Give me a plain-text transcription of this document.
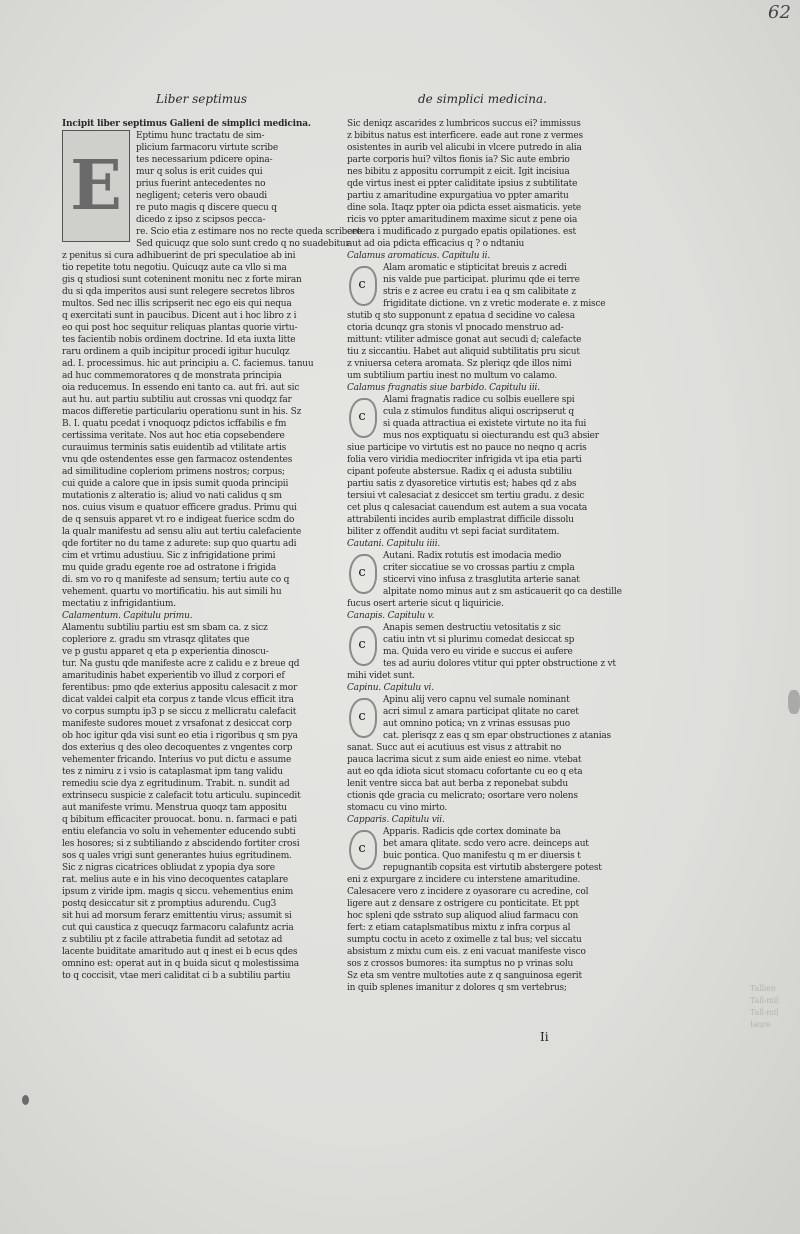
62
Liber septimus	de simplici medicina.
Incipit liber septimus Galieni de simplici medicina.
E
Eptimu hunc tractatu de sim-
plicium farmacoru virtute scribe
tes necessarium pdicere opina-
mur q solus is erit cuides qui
prius fuerint antecedentes no
negligent; ceteris vero obaudi
re puto magis q discere quecu q
dicedo z ipso z scipsos pecca-
re. Scio etia z estimare nos no recte queda scribere
Sed quicuqz que solo sunt credo q no suadebitur
z penitus si cura adhibuerint de pri speculatioe ab ini
tio repetite totu negotiu. Quicuqz aute ca vllo si ma
gis q studiosi sunt coteninent monitu nec z forte miran
du si qda imperitos ausi sunt relegere secretos libros
multos. Sed nec illis scripserit nec ego eis qui nequa
q exercitati sunt in paucibus. Dicent aut i hoc libro z i
eo qui post hoc sequitur reliquas plantas quorie virtu-
tes facientib nobis ordinem doctrine. Id eta iuxta litte
raru ordinem a quib incipitur procedi igitur huculqz
ad. I. processimus. hic aut principiu a. C. faciemus. tanuu
ad huc commemoratores q de monstrata principia
oia reducemus. In essendo eni tanto ca. aut fri. aut sic
aut hu. aut partiu subtiliu aut crossas vni quodqz far
macos differetie particulariu operationu sunt in his. Sz
B. I. quatu pcedat i vnoquoqz pdictos icffabilis e fm
certissima veritate. Nos aut hoc etia copsebendere
curauimus terminis satis euidentib ad vtilitate artis
vnu qde ostendentes esse gen farmacoz ostendentes
ad similitudine copleriom primens nostros; corpus;
cui quide a calore que in ipsis sumit quoda principii
mutationis z alteratio is; aliud vo nati calidus q sm
nos. cuius visum e quatuor efficere gradus. Primu qui
de q sensuis apparet vt ro e indigeat fuerice scdm do
la qualr manifestu ad sensu aliu aut tertiu calefaciente
qde fortiter no du tame z adurete: sup quo quartu adi
cim et vrtimu adustiuu. Sic z infrigidatione primi
mu quide gradu egente roe ad ostratone i frigida
di. sm vo ro q manifeste ad sensum; tertiu aute co q
vehement. quartu vo mortificatiu. his aut simili hu
mectatiu z infrigidantium.
Calamentum. Capitulu primu.
Alamentu subtiliu partiu est sm sbam ca. z sicz
copleriore z. gradu sm vtrasqz qlitates que
ve p gustu apparet q eta p experientia dinoscu-
tur. Na gustu qde manifeste acre z calidu e z breue qd
amaritudinis habet experientib vo illud z corpori ef
ferentibus: pmo qde exterius appositu calesacit z mor
dicat valdei calpit eta corpus z tande vlcus efficit itra
vo corpus sumptu ip3 p se siccu z mellicratu calefacit
manifeste sudores mouet z vrsafonat z desiccat corp
ob hoc igitur qda visi sunt eo etia i rigoribus q sm pya
dos exterius q des oleo decoquentes z vngentes corp
vehementer fricando. Interius vo put dictu e assume
tes z nimiru z i vsio is cataplasmat ipm tang validu
remediu scie dya z egritudinum. Trabit. n. sundit ad
extrinsecu suspicie z calefacit totu articulu. supincedit
aut manifeste vrimu. Menstrua quoqz tam appositu
q bibitum efficaciter prouocat. bonu. n. farmaci e pati
entiu elefancia vo solu in vehementer educendo subti
les hosores; si z subtiliando z abscidendo fortiter crosi
sos q uales vrigi sunt generantes huius egritudinem.
Sic z nigras cicatrices obliudat z ypopia dya sore
rat. melius aute e in his vino decoquentes cataplare
ipsum z viride ipm. magis q siccu. vehementius enim
postq desiccatur sit z promptius adurendu. Cug3
sit hui ad morsum ferarz emittentiu virus; assumit si
cut qui caustica z quecuqz farmacoru calafuntz acria
z subtiliu pt z facile attrabetia fundit ad setotaz ad
lacente buiditate amaritudo aut q inest ei b ecus qdes
omnino est: operat aut in q buida sicut q molestissima
to q coccisit, vtae meri caliditat ci b a subtiliu partiu
Sic deniqz ascarides z lumbricos succus ei? immissus
z bibitus natus est interficere. eade aut rone z vermes
osistentes in aurib vel alicubi in vlcere putredo in alia
parte corporis hui? viltos fionis ia? Sic aute embrio
nes bibitu z appositu corrumpit z eicit. Igit incisiua
qde virtus inest ei ppter caliditate ipsius z subtilitate
partiu z amaritudine expurgatiua vo ppter amaritu
dine sola. Itaqz ppter oia pdicta esset aismaticis. yete
ricis vo ppter amaritudinem maxime sicut z pene oia
cetera i mudificado z purgado epatis opilationes. est
aut ad oia pdicta efficacius q ? o ndtaniu
Calamus aromaticus. Capitulu ii.
c
Alam aromatic e stipticitat breuis z acredi
nis valde pue participat. plurimu qde ei terre
stris e z acree eu cratu i ea q sm calibitate z
frigiditate dictione. vn z vretic moderate e. z misce
stutib q sto supponunt z epatua d secidine vo calesa
ctoria dcunqz gra stonis vl pnocado menstruo ad-
mittunt: vtiliter admisce gonat aut secudi d; calefacte
tiu z siccantiu. Habet aut aliquid subtilitatis pru sicut
z vniuersa cetera aromata. Sz pleriqz qde illos nimi
um subtilium partiu inest no multum vo calamo.
Calamus fragnatis siue barbido. Capitulu iii.
c
Alami fragnatis radice cu solbis euellere spi
cula z stimulos funditus aliqui oscripserut q
si quada attractiua ei existete virtute no ita fui
mus nos exptiquatu si oiecturandu est qu3 absier
siue participe vo virtutis est no pauce no neqno q acris
folia vero viridia mediocriter infrigida vt ipa etia parti
cipant pofeute abstersue. Radix q ei adusta subtiliu
partiu satis z dyasoretice virtutis est; habes qd z abs
tersiui vt calesaciat z desiccet sm tertiu gradu. z desic
cet plus q calesaciat cauendum est autem a sua vocata
attrabilenti incides aurib emplastrat difficile dissolu
biliter z offendit auditu vt sepi faciat surditatem.
Cautani. Capitulu iiii.
c
Autani. Radix rotutis est imodacia medio
criter siccatiue se vo crossas partiu z cmpla
sticervi vino infusa z trasglutita arterie sanat
alpitate nomo minus aut z sm asticauerit qo ca destille
fucus osert arterie sicut q liquiricie.
Canapis. Capitulu v.
c
Anapis semen destructiu vetositatis z sic
catiu intn vt si plurimu comedat desiccat sp
ma. Quida vero eu viride e succus ei aufere
tes ad auriu dolores vtitur qui ppter obstructione z vt
mihi videt sunt.
Capinu. Capitulu vi.
c
Apinu alij vero capnu vel sumale nominant
acri simul z amara participat qlitate no caret
aut omnino potica; vn z vrinas essusas puo
cat. plerisqz z eas q sm epar obstructiones z atanias
sanat. Succ aut ei acutiuus est visus z attrabit no
pauca lacrima sicut z sum aide eniest eo nime. vtebat
aut eo qda idiota sicut stomacu cofortante cu eo q eta
lenit ventre sicca bat aut berba z reponebat subdu
ctionis qde gracia cu melicrato; osortare vero nolens
stomacu cu vino mirto.
Capparis. Capitulu vii.
c
Apparis. Radicis qde cortex dominate ba
bet amara qlitate. scdo vero acre. deinceps aut
buic pontica. Quo manifestu q m er diuersis t
repugnantib copsita est virtutib abstergere potest
eni z expurgare z incidere cu interstene amaritudine.
Calesacere vero z incidere z oyasorare cu acredine, col
ligere aut z densare z ostrigere cu ponticitate. Et ppt
hoc spleni qde sstrato sup aliquod aliud farmacu con
fert: z etiam cataplsmatibus mixtu z infra corpus al
sumptu coctu in aceto z oximelle z tal bus; vel siccatu
absistum z mixtu cum eis. z eni vacuat manifeste visco
sos z crossos bumores: ita sumptus no p vrinas solu
Sz eta sm ventre multoties aute z q sanguinosa egerit
in quib splenes imanitur z dolores q sm vertebrus;
Ii
Tallien
Tall-mil
Tall-mil
Iaure
